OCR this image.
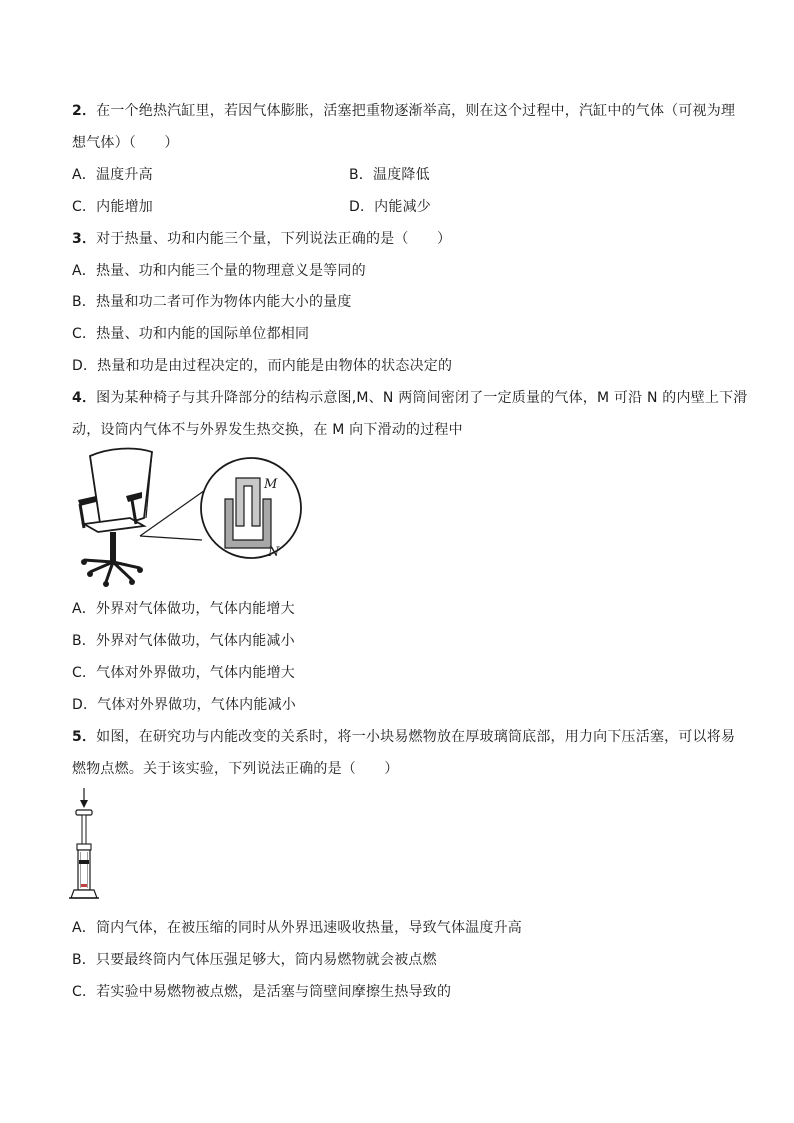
2．在一个绝热汽缸里，若因气体膨胀，活塞把重物逐渐举高，则在这个过程中，汽缸中的气体（可视为理
想气体）（　　）
A．温度升高	B．温度降低
C．内能增加	D．内能减少
3．对于热量、功和内能三个量，下列说法正确的是（　　）
A．热量、功和内能三个量的物理意义是等同的
B．热量和功二者可作为物体内能大小的量度
C．热量、功和内能的国际单位都相同
D．热量和功是由过程决定的，而内能是由物体的状态决定的
4．图为某种椅子与其升降部分的结构示意图,M、N 两筒间密闭了一定质量的气体，M 可沿 N 的内壁上下滑
动，设筒内气体不与外界发生热交换，在 M 向下滑动的过程中
M
N
A．外界对气体做功，气体内能增大
B．外界对气体做功，气体内能减小
C．气体对外界做功，气体内能增大
D．气体对外界做功，气体内能减小
5．如图，在研究功与内能改变的关系时，将一小块易燃物放在厚玻璃筒底部，用力向下压活塞，可以将易
燃物点燃。关于该实验，下列说法正确的是（　　）
A．筒内气体，在被压缩的同时从外界迅速吸收热量，导致气体温度升高
B．只要最终筒内气体压强足够大，筒内易燃物就会被点燃
C．若实验中易燃物被点燃，是活塞与筒壁间摩擦生热导致的
